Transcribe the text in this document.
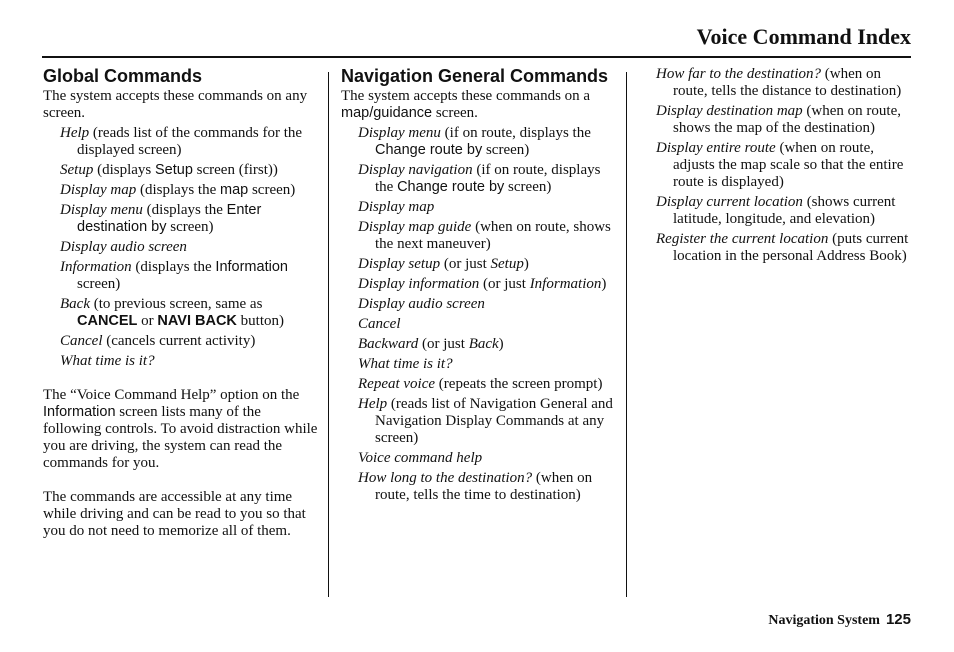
Voice Command Index
Global Commands

The system accepts these commands on any screen.

Help (reads list of the commands for the displayed screen)
Setup (displays Setup screen (first))
Display map (displays the map screen)
Display menu (displays the Enter destination by screen)
Display audio screen
Information (displays the Information screen)
Back (to previous screen, same as CANCEL or NAVI BACK button)
Cancel (cancels current activity)
What time is it?

The “Voice Command Help” option on the Information screen lists many of the following controls. To avoid distraction while you are driving, the system can read the commands for you.

The commands are accessible at any time while driving and can be read to you so that you do not need to memorize all of them.

Navigation General Commands

The system accepts these commands on a map/guidance screen.

Display menu (if on route, displays the Change route by screen)
Display navigation (if on route, displays the Change route by screen)
Display map
Display map guide (when on route, shows the next maneuver)
Display setup (or just Setup)
Display information (or just Information)
Display audio screen
Cancel
Backward (or just Back)
What time is it?
Repeat voice (repeats the screen prompt)
Help (reads list of Navigation General and Navigation Display Commands at any screen)
Voice command help
How long to the destination? (when on route, tells the time to destination)
How far to the destination? (when on route, tells the distance to destination)
Display destination map (when on route, shows the map of the destination)
Display entire route (when on route, adjusts the map scale so that the entire route is displayed)
Display current location (shows current latitude, longitude, and elevation)
Register the current location (puts current location in the personal Address Book)
Navigation System 125
